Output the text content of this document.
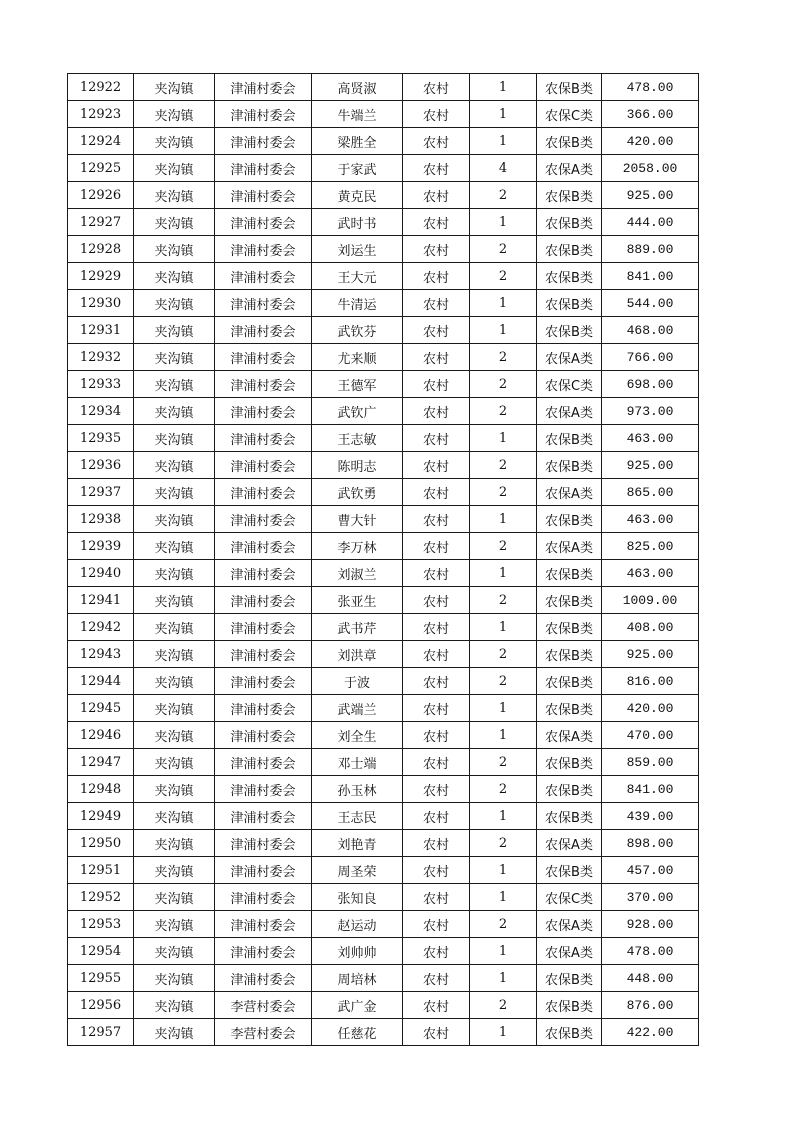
12922	夹沟镇	津浦村委会	高贤淑	农村	1	农保B类	478.00
12923	夹沟镇	津浦村委会	牛端兰	农村	1	农保C类	366.00
12924	夹沟镇	津浦村委会	梁胜全	农村	1	农保B类	420.00
12925	夹沟镇	津浦村委会	于家武	农村	4	农保A类	2058.00
12926	夹沟镇	津浦村委会	黄克民	农村	2	农保B类	925.00
12927	夹沟镇	津浦村委会	武时书	农村	1	农保B类	444.00
12928	夹沟镇	津浦村委会	刘运生	农村	2	农保B类	889.00
12929	夹沟镇	津浦村委会	王大元	农村	2	农保B类	841.00
12930	夹沟镇	津浦村委会	牛清运	农村	1	农保B类	544.00
12931	夹沟镇	津浦村委会	武钦芬	农村	1	农保B类	468.00
12932	夹沟镇	津浦村委会	尤来顺	农村	2	农保A类	766.00
12933	夹沟镇	津浦村委会	王德军	农村	2	农保C类	698.00
12934	夹沟镇	津浦村委会	武钦广	农村	2	农保A类	973.00
12935	夹沟镇	津浦村委会	王志敏	农村	1	农保B类	463.00
12936	夹沟镇	津浦村委会	陈明志	农村	2	农保B类	925.00
12937	夹沟镇	津浦村委会	武钦勇	农村	2	农保A类	865.00
12938	夹沟镇	津浦村委会	曹大针	农村	1	农保B类	463.00
12939	夹沟镇	津浦村委会	李万林	农村	2	农保A类	825.00
12940	夹沟镇	津浦村委会	刘淑兰	农村	1	农保B类	463.00
12941	夹沟镇	津浦村委会	张亚生	农村	2	农保B类	1009.00
12942	夹沟镇	津浦村委会	武书芹	农村	1	农保B类	408.00
12943	夹沟镇	津浦村委会	刘洪章	农村	2	农保B类	925.00
12944	夹沟镇	津浦村委会	于波	农村	2	农保B类	816.00
12945	夹沟镇	津浦村委会	武端兰	农村	1	农保B类	420.00
12946	夹沟镇	津浦村委会	刘全生	农村	1	农保A类	470.00
12947	夹沟镇	津浦村委会	邓士端	农村	2	农保B类	859.00
12948	夹沟镇	津浦村委会	孙玉林	农村	2	农保B类	841.00
12949	夹沟镇	津浦村委会	王志民	农村	1	农保B类	439.00
12950	夹沟镇	津浦村委会	刘艳青	农村	2	农保A类	898.00
12951	夹沟镇	津浦村委会	周圣荣	农村	1	农保B类	457.00
12952	夹沟镇	津浦村委会	张知良	农村	1	农保C类	370.00
12953	夹沟镇	津浦村委会	赵运动	农村	2	农保A类	928.00
12954	夹沟镇	津浦村委会	刘帅帅	农村	1	农保A类	478.00
12955	夹沟镇	津浦村委会	周培林	农村	1	农保B类	448.00
12956	夹沟镇	李营村委会	武广金	农村	2	农保B类	876.00
12957	夹沟镇	李营村委会	任慈花	农村	1	农保B类	422.00
